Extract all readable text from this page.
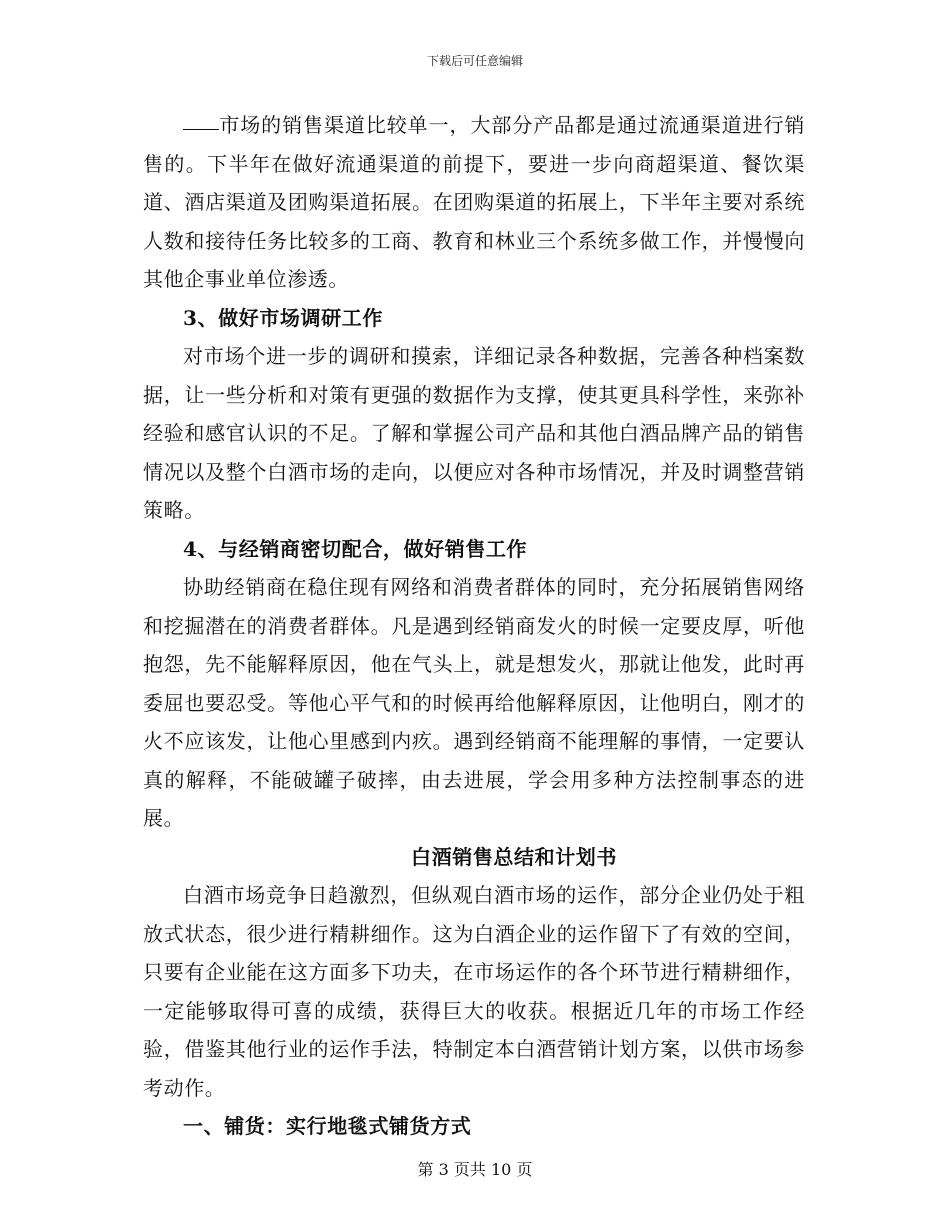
下载后可任意编辑

市场的销售渠道比较单一，大部分产品都是通过流通渠道进行销售的。下半年在做好流通渠道的前提下，要进一步向商超渠道、餐饮渠道、酒店渠道及团购渠道拓展。在团购渠道的拓展上，下半年主要对系统人数和接待任务比较多的工商、教育和林业三个系统多做工作，并慢慢向其他企事业单位渗透。

3、做好市场调研工作

对市场个进一步的调研和摸索，详细记录各种数据，完善各种档案数据，让一些分析和对策有更强的数据作为支撑，使其更具科学性，来弥补经验和感官认识的不足。了解和掌握公司产品和其他白酒品牌产品的销售情况以及整个白酒市场的走向，以便应对各种市场情况，并及时调整营销策略。

4、与经销商密切配合，做好销售工作

协助经销商在稳住现有网络和消费者群体的同时，充分拓展销售网络和挖掘潜在的消费者群体。凡是遇到经销商发火的时候一定要皮厚，听他抱怨，先不能解释原因，他在气头上，就是想发火，那就让他发，此时再委屈也要忍受。等他心平气和的时候再给他解释原因，让他明白，刚才的火不应该发，让他心里感到内疚。遇到经销商不能理解的事情，一定要认真的解释，不能破罐子破摔，由去进展，学会用多种方法控制事态的进展。

白酒销售总结和计划书

白酒市场竞争日趋激烈，但纵观白酒市场的运作，部分企业仍处于粗放式状态，很少进行精耕细作。这为白酒企业的运作留下了有效的空间，只要有企业能在这方面多下功夫，在市场运作的各个环节进行精耕细作，一定能够取得可喜的成绩，获得巨大的收获。根据近几年的市场工作经验，借鉴其他行业的运作手法，特制定本白酒营销计划方案，以供市场参考动作。

一、铺货：实行地毯式铺货方式
第 3 页共 10 页
